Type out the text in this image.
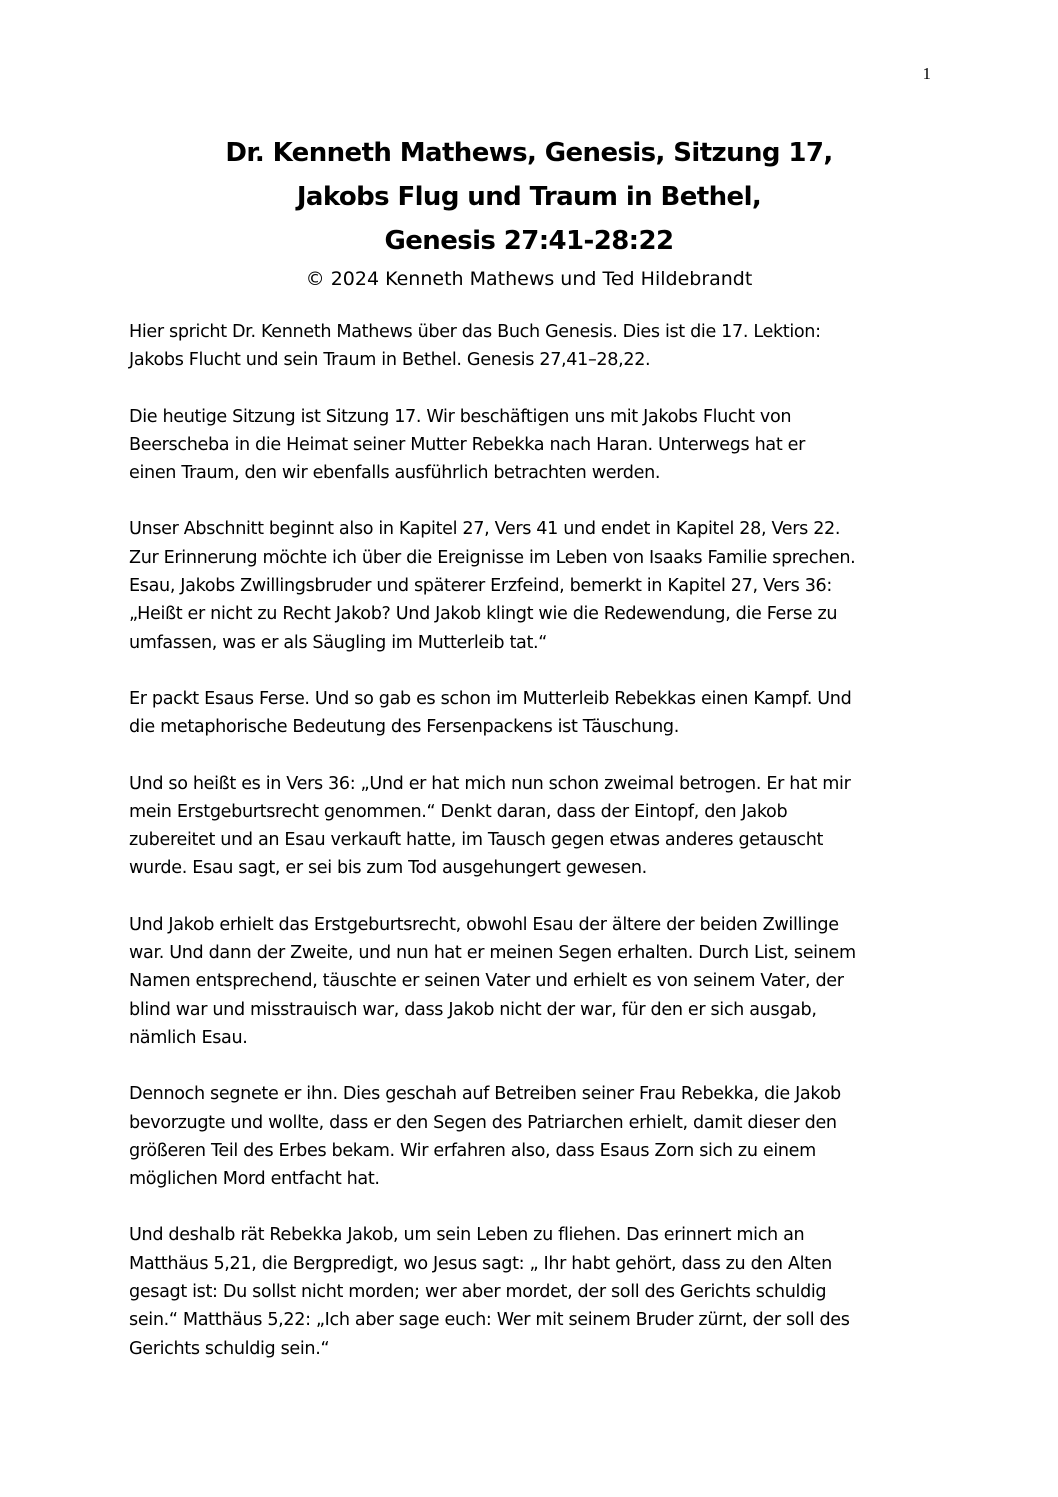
1
Dr. Kenneth Mathews, Genesis, Sitzung 17,
Jakobs Flug und Traum in Bethel,
Genesis 27:41-28:22
© 2024 Kenneth Mathews und Ted Hildebrandt

Hier spricht Dr. Kenneth Mathews über das Buch Genesis. Dies ist die 17. Lektion:
Jakobs Flucht und sein Traum in Bethel. Genesis 27,41–28,22.

Die heutige Sitzung ist Sitzung 17. Wir beschäftigen uns mit Jakobs Flucht von
Beerscheba in die Heimat seiner Mutter Rebekka nach Haran. Unterwegs hat er
einen Traum, den wir ebenfalls ausführlich betrachten werden.

Unser Abschnitt beginnt also in Kapitel 27, Vers 41 und endet in Kapitel 28, Vers 22.
Zur Erinnerung möchte ich über die Ereignisse im Leben von Isaaks Familie sprechen.
Esau, Jakobs Zwillingsbruder und späterer Erzfeind, bemerkt in Kapitel 27, Vers 36:
„Heißt er nicht zu Recht Jakob? Und Jakob klingt wie die Redewendung, die Ferse zu
umfassen, was er als Säugling im Mutterleib tat.“

Er packt Esaus Ferse. Und so gab es schon im Mutterleib Rebekkas einen Kampf. Und
die metaphorische Bedeutung des Fersenpackens ist Täuschung.

Und so heißt es in Vers 36: „Und er hat mich nun schon zweimal betrogen. Er hat mir
mein Erstgeburtsrecht genommen.“ Denkt daran, dass der Eintopf, den Jakob
zubereitet und an Esau verkauft hatte, im Tausch gegen etwas anderes getauscht
wurde. Esau sagt, er sei bis zum Tod ausgehungert gewesen.

Und Jakob erhielt das Erstgeburtsrecht, obwohl Esau der ältere der beiden Zwillinge
war. Und dann der Zweite, und nun hat er meinen Segen erhalten. Durch List, seinem
Namen entsprechend, täuschte er seinen Vater und erhielt es von seinem Vater, der
blind war und misstrauisch war, dass Jakob nicht der war, für den er sich ausgab,
nämlich Esau.

Dennoch segnete er ihn. Dies geschah auf Betreiben seiner Frau Rebekka, die Jakob
bevorzugte und wollte, dass er den Segen des Patriarchen erhielt, damit dieser den
größeren Teil des Erbes bekam. Wir erfahren also, dass Esaus Zorn sich zu einem
möglichen Mord entfacht hat.

Und deshalb rät Rebekka Jakob, um sein Leben zu fliehen. Das erinnert mich an
Matthäus 5,21, die Bergpredigt, wo Jesus sagt: „ Ihr habt gehört, dass zu den Alten
gesagt ist: Du sollst nicht morden; wer aber mordet, der soll des Gerichts schuldig
sein.“ Matthäus 5,22: „Ich aber sage euch: Wer mit seinem Bruder zürnt, der soll des
Gerichts schuldig sein.“
